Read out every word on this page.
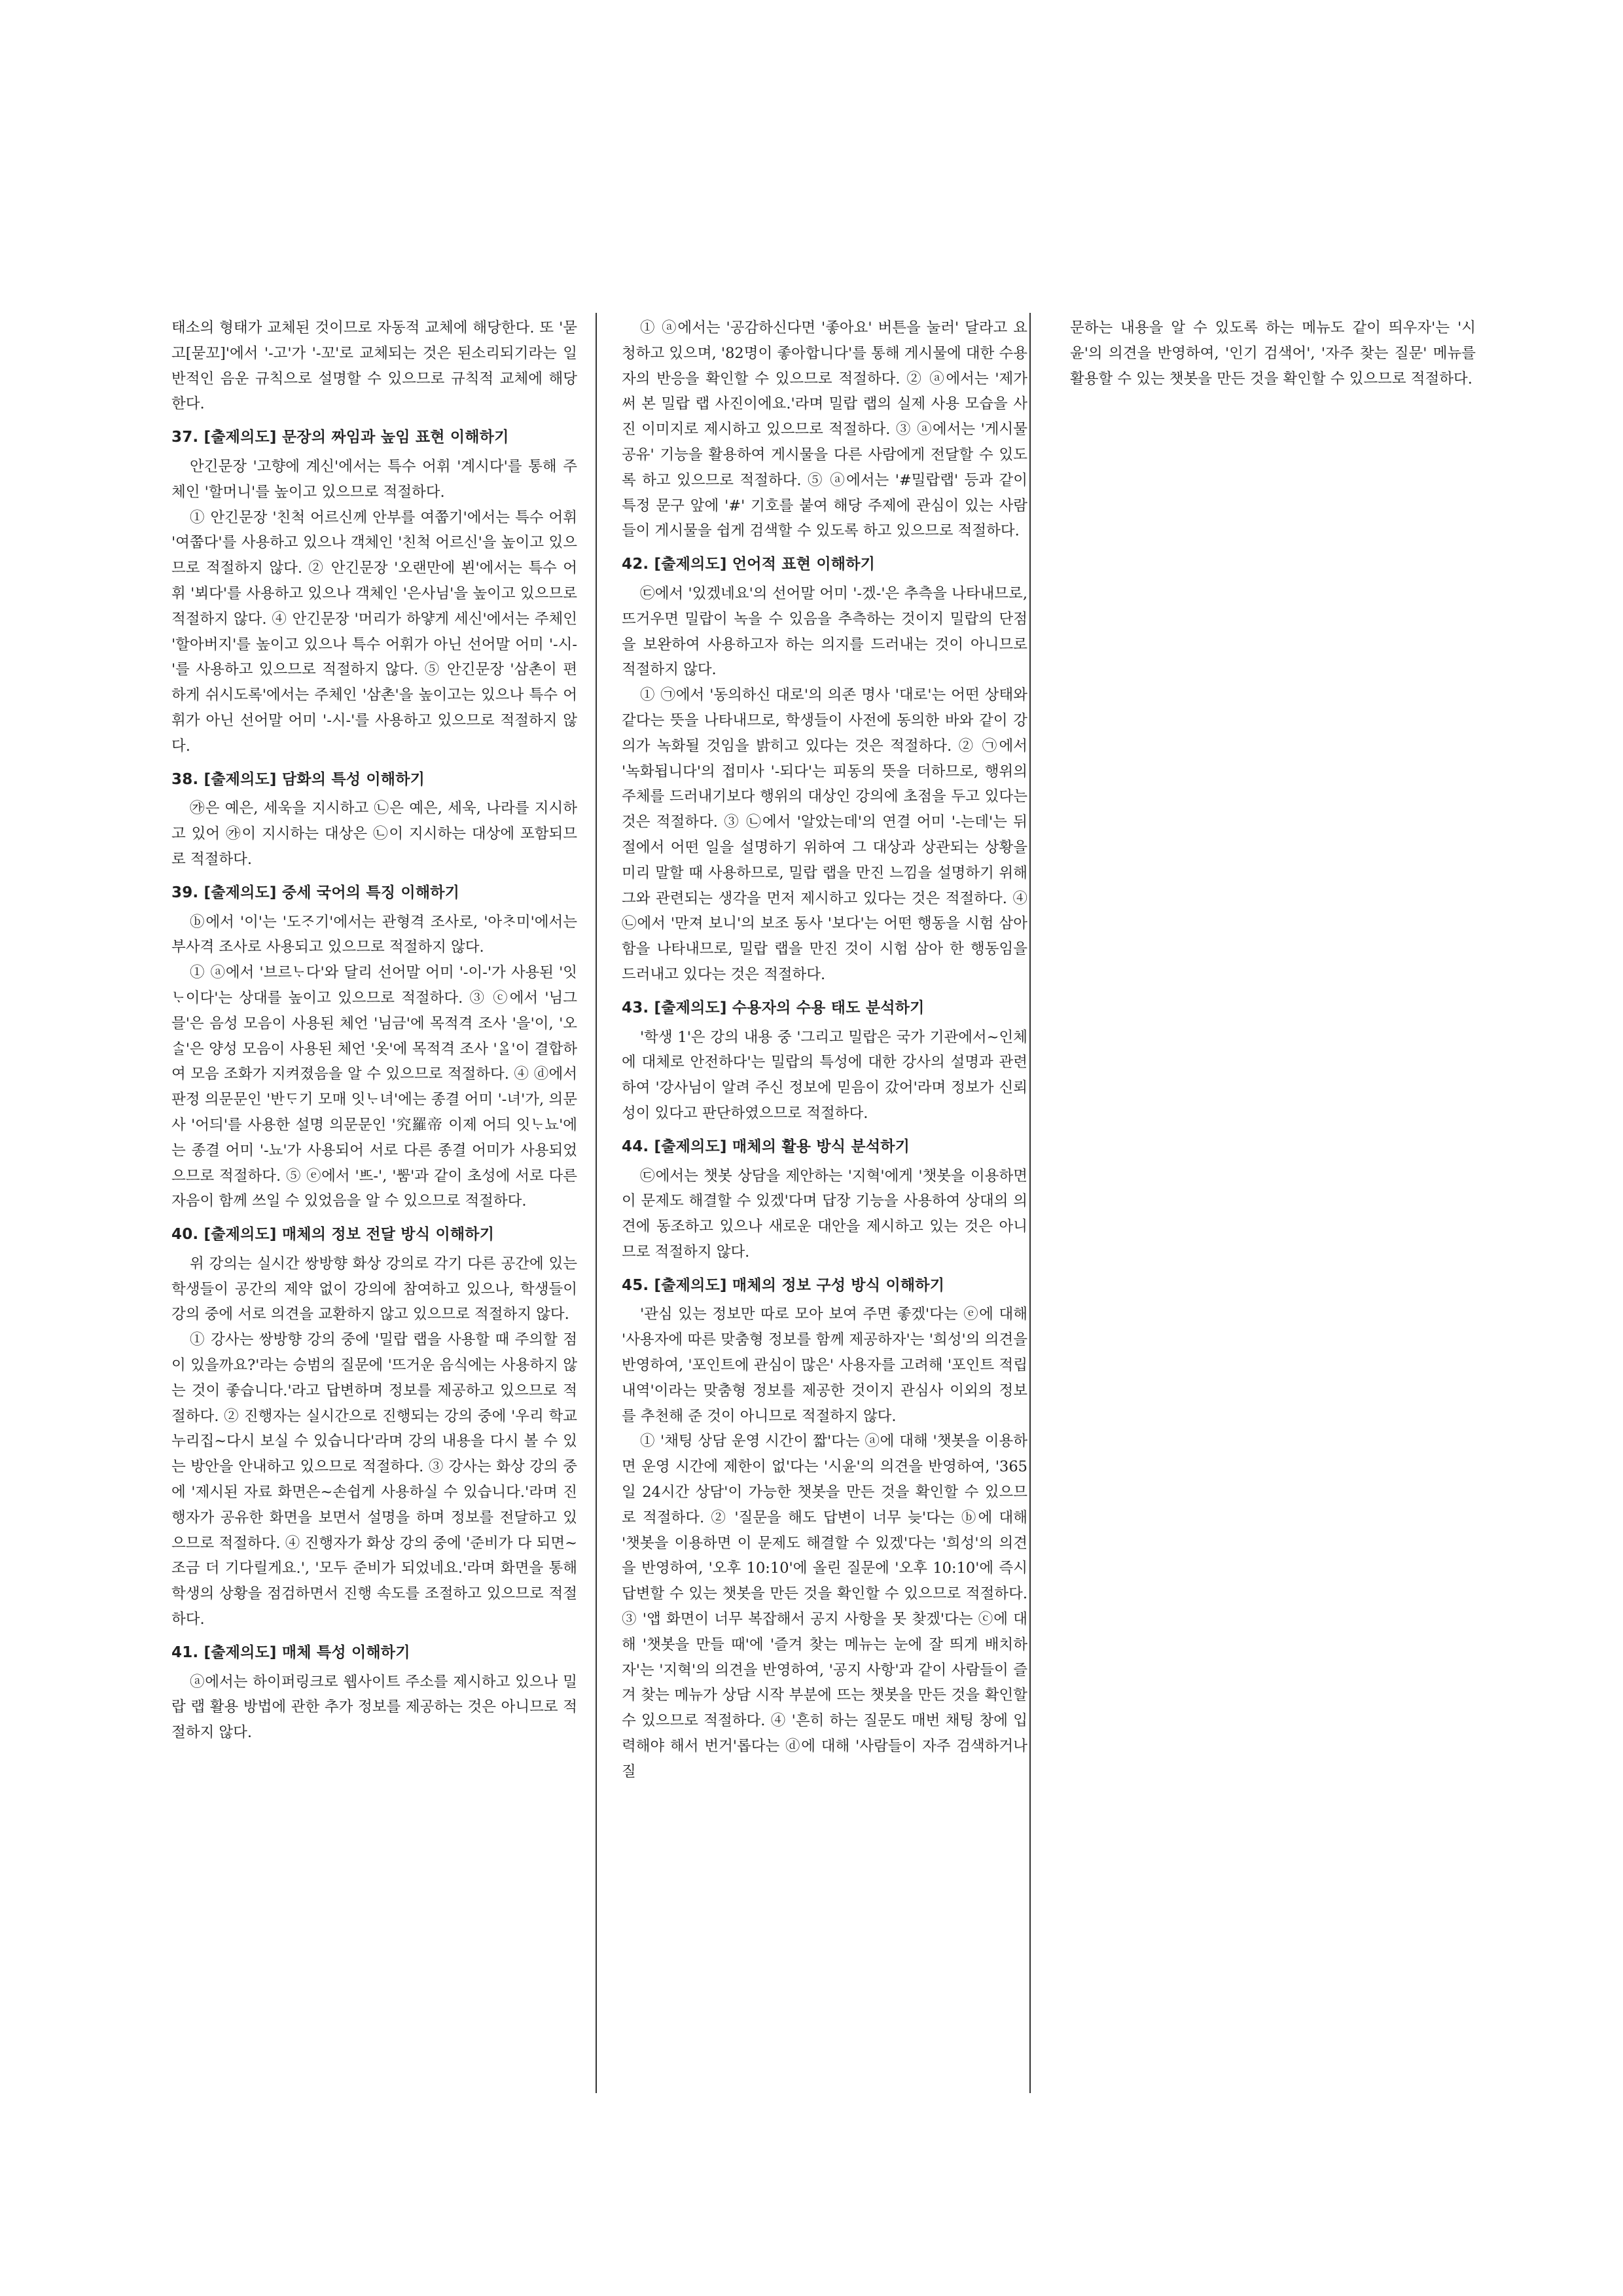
태소의 형태가 교체된 것이므로 자동적 교체에 해당한다. 또 '묻고[묻꼬]'에서 '-고'가 '-꼬'로 교체되는 것은 된소리되기라는 일반적인 음운 규칙으로 설명할 수 있으므로 규칙적 교체에 해당한다.

37. [출제의도] 문장의 짜임과 높임 표현 이해하기

안긴문장 '고향에 계신'에서는 특수 어휘 '계시다'를 통해 주체인 '할머니'를 높이고 있으므로 적절하다.

① 안긴문장 '친척 어르신께 안부를 여쭙기'에서는 특수 어휘 '여쭙다'를 사용하고 있으나 객체인 '친척 어르신'을 높이고 있으므로 적절하지 않다. ② 안긴문장 '오랜만에 뵌'에서는 특수 어휘 '뵈다'를 사용하고 있으나 객체인 '은사님'을 높이고 있으므로 적절하지 않다. ④ 안긴문장 '머리가 하얗게 세신'에서는 주체인 '할아버지'를 높이고 있으나 특수 어휘가 아닌 선어말 어미 '-시-'를 사용하고 있으므로 적절하지 않다. ⑤ 안긴문장 '삼촌이 편하게 쉬시도록'에서는 주체인 '삼촌'을 높이고는 있으나 특수 어휘가 아닌 선어말 어미 '-시-'를 사용하고 있으므로 적절하지 않다.

38. [출제의도] 담화의 특성 이해하기

㉮은 예은, 세욱을 지시하고 ㉡은 예은, 세욱, 나라를 지시하고 있어 ㉮이 지시하는 대상은 ㉡이 지시하는 대상에 포함되므로 적절하다.

39. [출제의도] 중세 국어의 특징 이해하기

ⓑ에서 '이'는 '도ᄌᆞ기'에서는 관형격 조사로, '아ᄎᆞ미'에서는 부사격 조사로 사용되고 있으므로 적절하지 않다.

① ⓐ에서 '브르ᄂᆞ다'와 달리 선어말 어미 '-이-'가 사용된 '잇ᄂᆞ이다'는 상대를 높이고 있으므로 적절하다. ③ ⓒ에서 '님그믈'은 음성 모음이 사용된 체언 '님금'에 목적격 조사 '을'이, '오ᄉᆞᆯ'은 양성 모음이 사용된 체언 '옷'에 목적격 조사 'ᄋᆞᆯ'이 결합하여 모음 조화가 지켜졌음을 알 수 있으므로 적절하다. ④ ⓓ에서 판정 의문문인 '반ᄃᆞ기 모매 잇ᄂᆞ녀'에는 종결 어미 '-녀'가, 의문사 '어듸'를 사용한 설명 의문문인 '究羅帝 이제 어듸 잇ᄂᆞ뇨'에는 종결 어미 '-뇨'가 사용되어 서로 다른 종결 어미가 사용되었으므로 적절하다. ⑤ ⓔ에서 'ᄠᅳ-', 'ᄢᅮᆷ'과 같이 초성에 서로 다른 자음이 함께 쓰일 수 있었음을 알 수 있으므로 적절하다.

40. [출제의도] 매체의 정보 전달 방식 이해하기

위 강의는 실시간 쌍방향 화상 강의로 각기 다른 공간에 있는 학생들이 공간의 제약 없이 강의에 참여하고 있으나, 학생들이 강의 중에 서로 의견을 교환하지 않고 있으므로 적절하지 않다.

① 강사는 쌍방향 강의 중에 '밀랍 랩을 사용할 때 주의할 점이 있을까요?'라는 승범의 질문에 '뜨거운 음식에는 사용하지 않는 것이 좋습니다.'라고 답변하며 정보를 제공하고 있으므로 적절하다. ② 진행자는 실시간으로 진행되는 강의 중에 '우리 학교 누리집~다시 보실 수 있습니다'라며 강의 내용을 다시 볼 수 있는 방안을 안내하고 있으므로 적절하다. ③ 강사는 화상 강의 중에 '제시된 자료 화면은~손쉽게 사용하실 수 있습니다.'라며 진행자가 공유한 화면을 보면서 설명을 하며 정보를 전달하고 있으므로 적절하다. ④ 진행자가 화상 강의 중에 '준비가 다 되면~조금 더 기다릴게요.', '모두 준비가 되었네요.'라며 화면을 통해 학생의 상황을 점검하면서 진행 속도를 조절하고 있으므로 적절하다.

41. [출제의도] 매체 특성 이해하기

ⓐ에서는 하이퍼링크로 웹사이트 주소를 제시하고 있으나 밀랍 랩 활용 방법에 관한 추가 정보를 제공하는 것은 아니므로 적절하지 않다.

① ⓐ에서는 '공감하신다면 '좋아요' 버튼을 눌러' 달라고 요청하고 있으며, '82명이 좋아합니다'를 통해 게시물에 대한 수용자의 반응을 확인할 수 있으므로 적절하다. ② ⓐ에서는 '제가 써 본 밀랍 랩 사진이에요.'라며 밀랍 랩의 실제 사용 모습을 사진 이미지로 제시하고 있으므로 적절하다. ③ ⓐ에서는 '게시물 공유' 기능을 활용하여 게시물을 다른 사람에게 전달할 수 있도록 하고 있으므로 적절하다. ⑤ ⓐ에서는 '#밀랍랩' 등과 같이 특정 문구 앞에 '#' 기호를 붙여 해당 주제에 관심이 있는 사람들이 게시물을 쉽게 검색할 수 있도록 하고 있으므로 적절하다.

42. [출제의도] 언어적 표현 이해하기

㉢에서 '있겠네요'의 선어말 어미 '-겠-'은 추측을 나타내므로, 뜨거우면 밀랍이 녹을 수 있음을 추측하는 것이지 밀랍의 단점을 보완하여 사용하고자 하는 의지를 드러내는 것이 아니므로 적절하지 않다.

① ㉠에서 '동의하신 대로'의 의존 명사 '대로'는 어떤 상태와 같다는 뜻을 나타내므로, 학생들이 사전에 동의한 바와 같이 강의가 녹화될 것임을 밝히고 있다는 것은 적절하다. ② ㉠에서 '녹화됩니다'의 접미사 '-되다'는 피동의 뜻을 더하므로, 행위의 주체를 드러내기보다 행위의 대상인 강의에 초점을 두고 있다는 것은 적절하다. ③ ㉡에서 '알았는데'의 연결 어미 '-는데'는 뒤 절에서 어떤 일을 설명하기 위하여 그 대상과 상관되는 상황을 미리 말할 때 사용하므로, 밀랍 랩을 만진 느낌을 설명하기 위해 그와 관련되는 생각을 먼저 제시하고 있다는 것은 적절하다. ④ ㉡에서 '만져 보니'의 보조 동사 '보다'는 어떤 행동을 시험 삼아 함을 나타내므로, 밀랍 랩을 만진 것이 시험 삼아 한 행동임을 드러내고 있다는 것은 적절하다.

43. [출제의도] 수용자의 수용 태도 분석하기

'학생 1'은 강의 내용 중 '그리고 밀랍은 국가 기관에서~인체에 대체로 안전하다'는 밀랍의 특성에 대한 강사의 설명과 관련하여 '강사님이 알려 주신 정보에 믿음이 갔어'라며 정보가 신뢰성이 있다고 판단하였으므로 적절하다.

44. [출제의도] 매체의 활용 방식 분석하기

㉢에서는 챗봇 상담을 제안하는 '지혁'에게 '챗봇을 이용하면 이 문제도 해결할 수 있겠'다며 답장 기능을 사용하여 상대의 의견에 동조하고 있으나 새로운 대안을 제시하고 있는 것은 아니므로 적절하지 않다.

45. [출제의도] 매체의 정보 구성 방식 이해하기

'관심 있는 정보만 따로 모아 보여 주면 좋겠'다는 ⓔ에 대해 '사용자에 따른 맞춤형 정보를 함께 제공하자'는 '희성'의 의견을 반영하여, '포인트에 관심이 많은' 사용자를 고려해 '포인트 적립 내역'이라는 맞춤형 정보를 제공한 것이지 관심사 이외의 정보를 추천해 준 것이 아니므로 적절하지 않다.

① '채팅 상담 운영 시간이 짧'다는 ⓐ에 대해 '챗봇을 이용하면 운영 시간에 제한이 없'다는 '시윤'의 의견을 반영하여, '365일 24시간 상담'이 가능한 챗봇을 만든 것을 확인할 수 있으므로 적절하다. ② '질문을 해도 답변이 너무 늦'다는 ⓑ에 대해 '챗봇을 이용하면 이 문제도 해결할 수 있겠'다는 '희성'의 의견을 반영하여, '오후 10:10'에 올린 질문에 '오후 10:10'에 즉시 답변할 수 있는 챗봇을 만든 것을 확인할 수 있으므로 적절하다. ③ '앱 화면이 너무 복잡해서 공지 사항을 못 찾겠'다는 ⓒ에 대해 '챗봇을 만들 때'에 '즐겨 찾는 메뉴는 눈에 잘 띄게 배치하자'는 '지혁'의 의견을 반영하여, '공지 사항'과 같이 사람들이 즐겨 찾는 메뉴가 상담 시작 부분에 뜨는 챗봇을 만든 것을 확인할 수 있으므로 적절하다. ④ '흔히 하는 질문도 매번 채팅 창에 입력해야 해서 번거'롭다는 ⓓ에 대해 '사람들이 자주 검색하거나 질

문하는 내용을 알 수 있도록 하는 메뉴도 같이 띄우자'는 '시윤'의 의견을 반영하여, '인기 검색어', '자주 찾는 질문' 메뉴를 활용할 수 있는 챗봇을 만든 것을 확인할 수 있으므로 적절하다.
